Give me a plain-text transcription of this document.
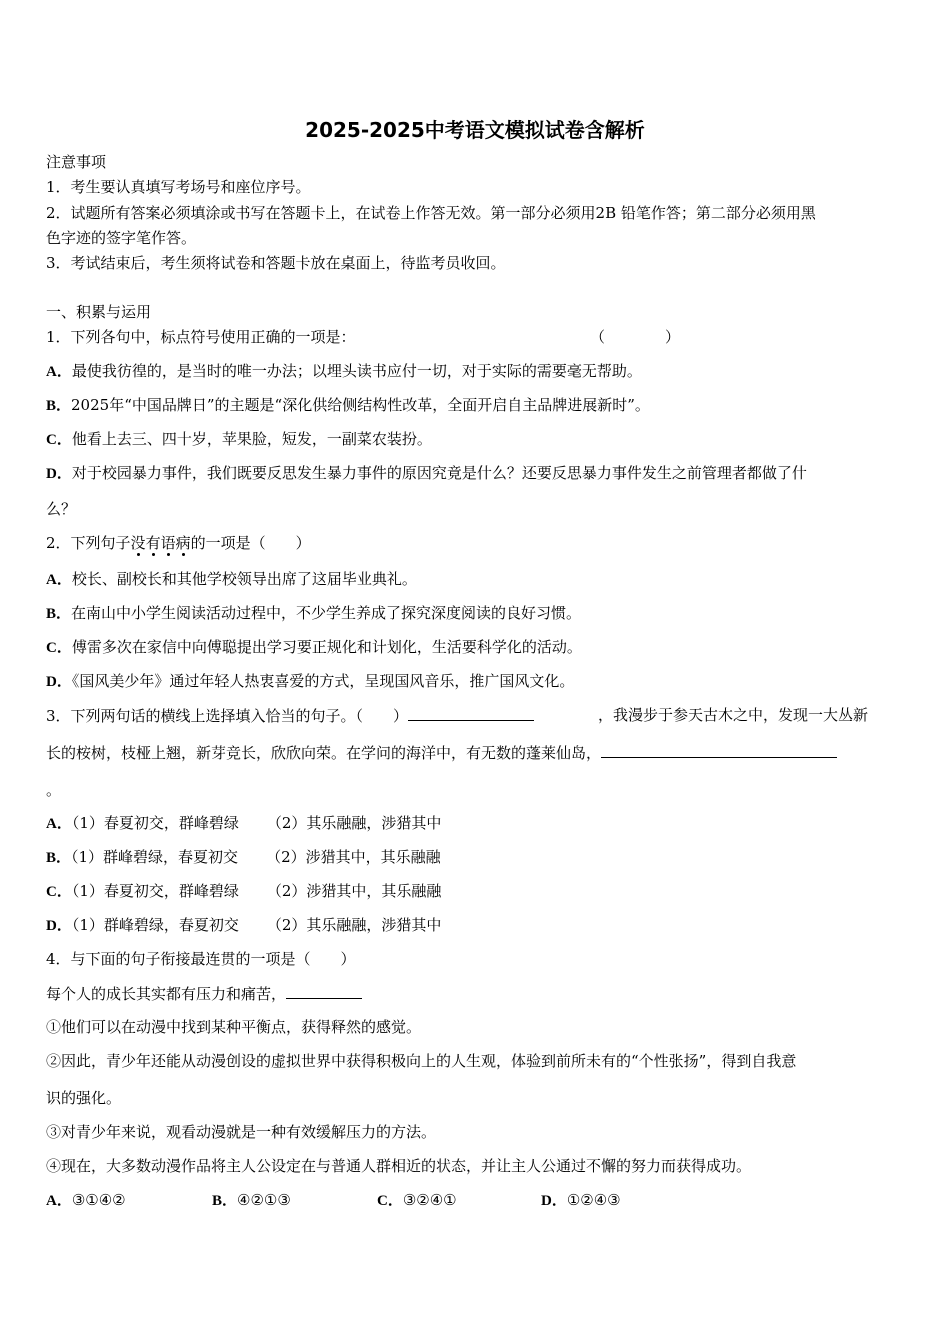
2025-2025中考语文模拟试卷含解析
注意事项
1．考生要认真填写考场号和座位序号。
2．试题所有答案必须填涂或书写在答题卡上，在试卷上作答无效。第一部分必须用2B 铅笔作答；第二部分必须用黑
色字迹的签字笔作答。
3．考试结束后，考生须将试卷和答题卡放在桌面上，待监考员收回。
一、积累与运用
1．下列各句中，标点符号使用正确的一项是：	（　　　　）
A．最使我彷徨的，是当时的唯一办法；以埋头读书应付一切，对于实际的需要毫无帮助。
B．2025年“中国品牌日”的主题是“深化供给侧结构性改革，全面开启自主品牌进展新时”。
C．他看上去三、四十岁，苹果脸，短发，一副菜农装扮。
D．对于校园暴力事件，我们既要反思发生暴力事件的原因究竟是什么？还要反思暴力事件发生之前管理者都做了什
么？
2．下列句子没有语病的一项是（　　）
A．校长、副校长和其他学校领导出席了这届毕业典礼。
B．在南山中小学生阅读活动过程中，不少学生养成了探究深度阅读的良好习惯。
C．傅雷多次在家信中向傅聪提出学习要正规化和计划化，生活要科学化的活动。
D．《国风美少年》通过年轻人热衷喜爱的方式，呈现国风音乐，推广国风文化。
3．下列两句话的横线上选择填入恰当的句子。（　　）	，我漫步于参天古木之中，发现一大丛新
长的桉树，枝桠上翘，新芽竞长，欣欣向荣。在学问的海洋中，有无数的蓬莱仙岛，
。
A．（1）春夏初交，群峰碧绿 （2）其乐融融，涉猎其中
B．（1）群峰碧绿，春夏初交 （2）涉猎其中，其乐融融
C．（1）春夏初交，群峰碧绿 （2）涉猎其中，其乐融融
D．（1）群峰碧绿，春夏初交 （2）其乐融融，涉猎其中
4．与下面的句子衔接最连贯的一项是（　　）
每个人的成长其实都有压力和痛苦，
①他们可以在动漫中找到某种平衡点，获得释然的感觉。
②因此，青少年还能从动漫创设的虚拟世界中获得积极向上的人生观，体验到前所未有的“个性张扬”，得到自我意
识的强化。
③对青少年来说，观看动漫就是一种有效缓解压力的方法。
④现在，大多数动漫作品将主人公设定在与普通人群相近的状态，并让主人公通过不懈的努力而获得成功。
A．③①④②	B．④②①③	C．③②④①	D．①②④③
